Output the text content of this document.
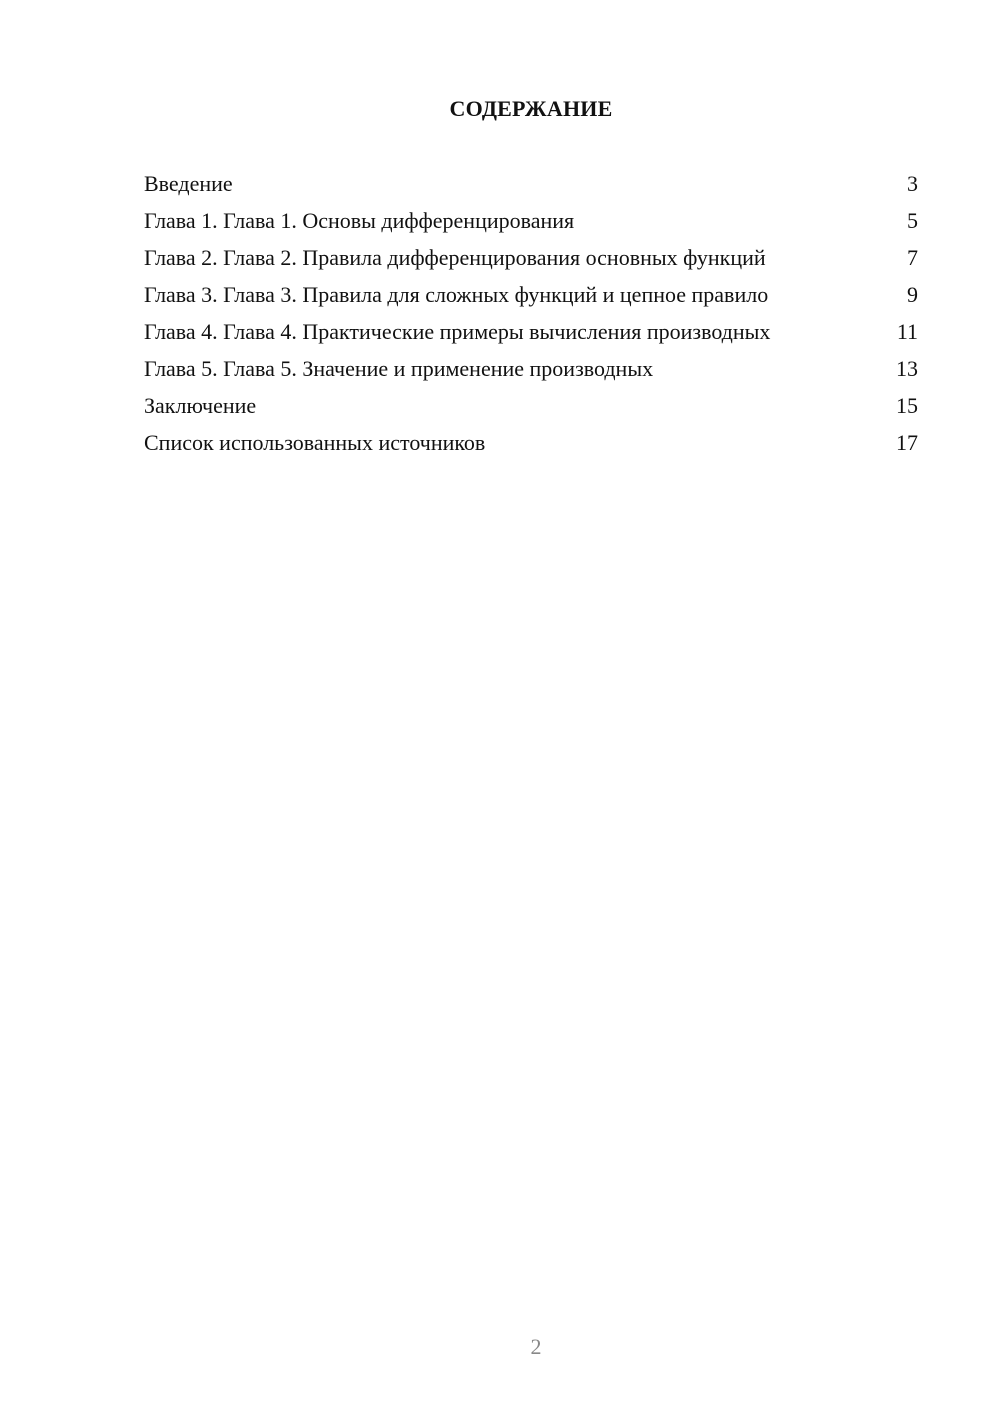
СОДЕРЖАНИЕ
Введение	3
Глава 1. Глава 1. Основы дифференцирования	5
Глава 2. Глава 2. Правила дифференцирования основных функций	7
Глава 3. Глава 3. Правила для сложных функций и цепное правило	9
Глава 4. Глава 4. Практические примеры вычисления производных	11
Глава 5. Глава 5. Значение и применение производных	13
Заключение	15
Список использованных источников	17
2
